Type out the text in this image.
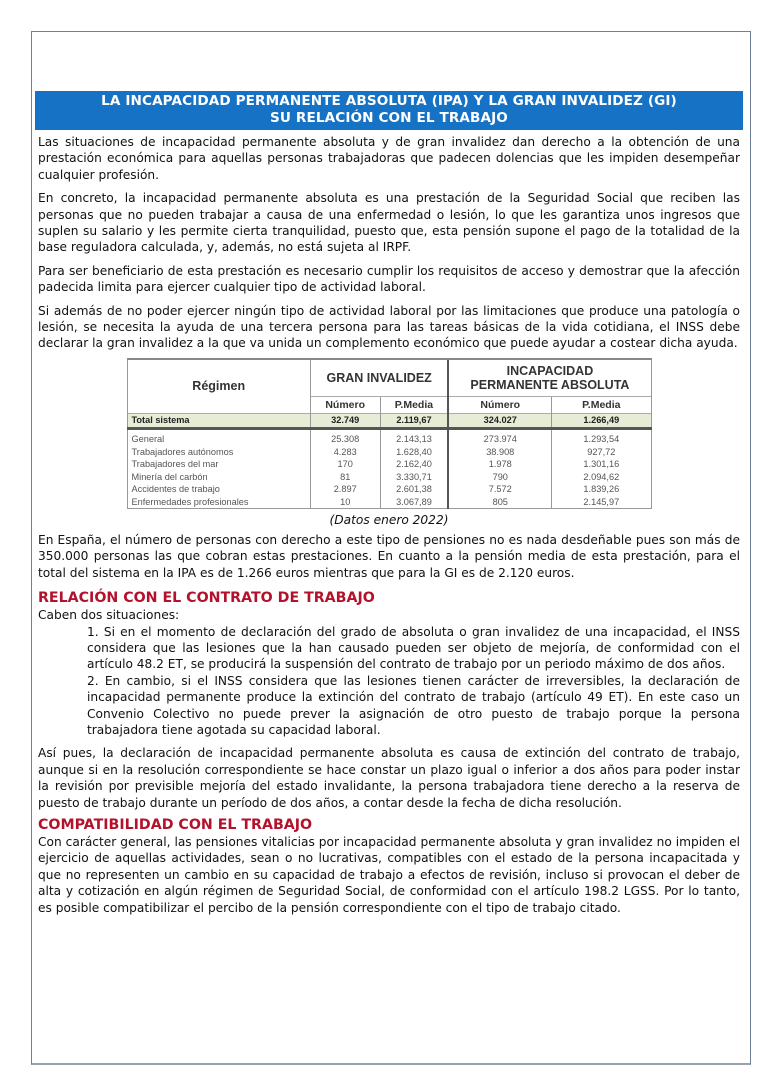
LA INCAPACIDAD PERMANENTE ABSOLUTA (IPA) Y LA GRAN INVALIDEZ (GI)
SU RELACIÓN CON EL TRABAJO

Las situaciones de incapacidad permanente absoluta y de gran invalidez dan derecho a la obtención de una prestación económica para aquellas personas trabajadoras que padecen dolencias que les impiden desempeñar cualquier profesión.

En concreto, la incapacidad permanente absoluta es una prestación de la Seguridad Social que reciben las personas que no pueden trabajar a causa de una enfermedad o lesión, lo que les garantiza unos ingresos que suplen su salario y les permite cierta tranquilidad, puesto que, esta pensión supone el pago de la totalidad de la base reguladora calculada, y, además, no está sujeta al IRPF.

Para ser beneficiario de esta prestación es necesario cumplir los requisitos de acceso y demostrar que la afección padecida limita para ejercer cualquier tipo de actividad laboral.

Si además de no poder ejercer ningún tipo de actividad laboral por las limitaciones que produce una patología o lesión, se necesita la ayuda de una tercera persona para las tareas básicas de la vida cotidiana, el INSS debe declarar la gran invalidez a la que va unida un complemento económico que puede ayudar a costear dicha ayuda.

Régimen	GRAN INVALIDEZ		INCAPACIDAD
PERMANENTE ABSOLUTA	

	Número	P.Media	Número	P.Media
Total sistema	32.749	2.119,67	324.027	1.266,49

General	25.308	2.143,13	273.974	1.293,54
Trabajadores autónomos	4.283	1.628,40	38.908	927,72
Trabajadores del mar	170	2.162,40	1.978	1.301,16
Minería del carbón	81	3.330,71	790	2.094,62
Accidentes de trabajo	2.897	2.601,38	7.572	1.839,26
Enfermedades profesionales	10	3.067,89	805	2.145,97
(Datos enero 2022)

En España, el número de personas con derecho a este tipo de pensiones no es nada desdeñable pues son más de 350.000 personas las que cobran estas prestaciones. En cuanto a la pensión media de esta prestación, para el total del sistema en la IPA es de 1.266 euros mientras que para la GI es de 2.120 euros.

RELACIÓN CON EL CONTRATO DE TRABAJO

Caben dos situaciones:

1. Si en el momento de declaración del grado de absoluta o gran invalidez de una incapacidad, el INSS considera que las lesiones que la han causado pueden ser objeto de mejoría, de conformidad con el artículo 48.2 ET, se producirá la suspensión del contrato de trabajo por un periodo máximo de dos años.

2. En cambio, si el INSS considera que las lesiones tienen carácter de irreversibles, la declaración de incapacidad permanente produce la extinción del contrato de trabajo (artículo 49 ET). En este caso un Convenio Colectivo no puede prever la asignación de otro puesto de trabajo porque la persona trabajadora tiene agotada su capacidad laboral.

Así pues, la declaración de incapacidad permanente absoluta es causa de extinción del contrato de trabajo, aunque si en la resolución correspondiente se hace constar un plazo igual o inferior a dos años para poder instar la revisión por previsible mejoría del estado invalidante, la persona trabajadora tiene derecho a la reserva de puesto de trabajo durante un período de dos años, a contar desde la fecha de dicha resolución.

COMPATIBILIDAD CON EL TRABAJO

Con carácter general, las pensiones vitalicias por incapacidad permanente absoluta y gran invalidez no impiden el ejercicio de aquellas actividades, sean o no lucrativas, compatibles con el estado de la persona incapacitada y que no representen un cambio en su capacidad de trabajo a efectos de revisión, incluso si provocan el deber de alta y cotización en algún régimen de Seguridad Social, de conformidad con el artículo 198.2 LGSS. Por lo tanto, es posible compatibilizar el percibo de la pensión correspondiente con el tipo de trabajo citado.
